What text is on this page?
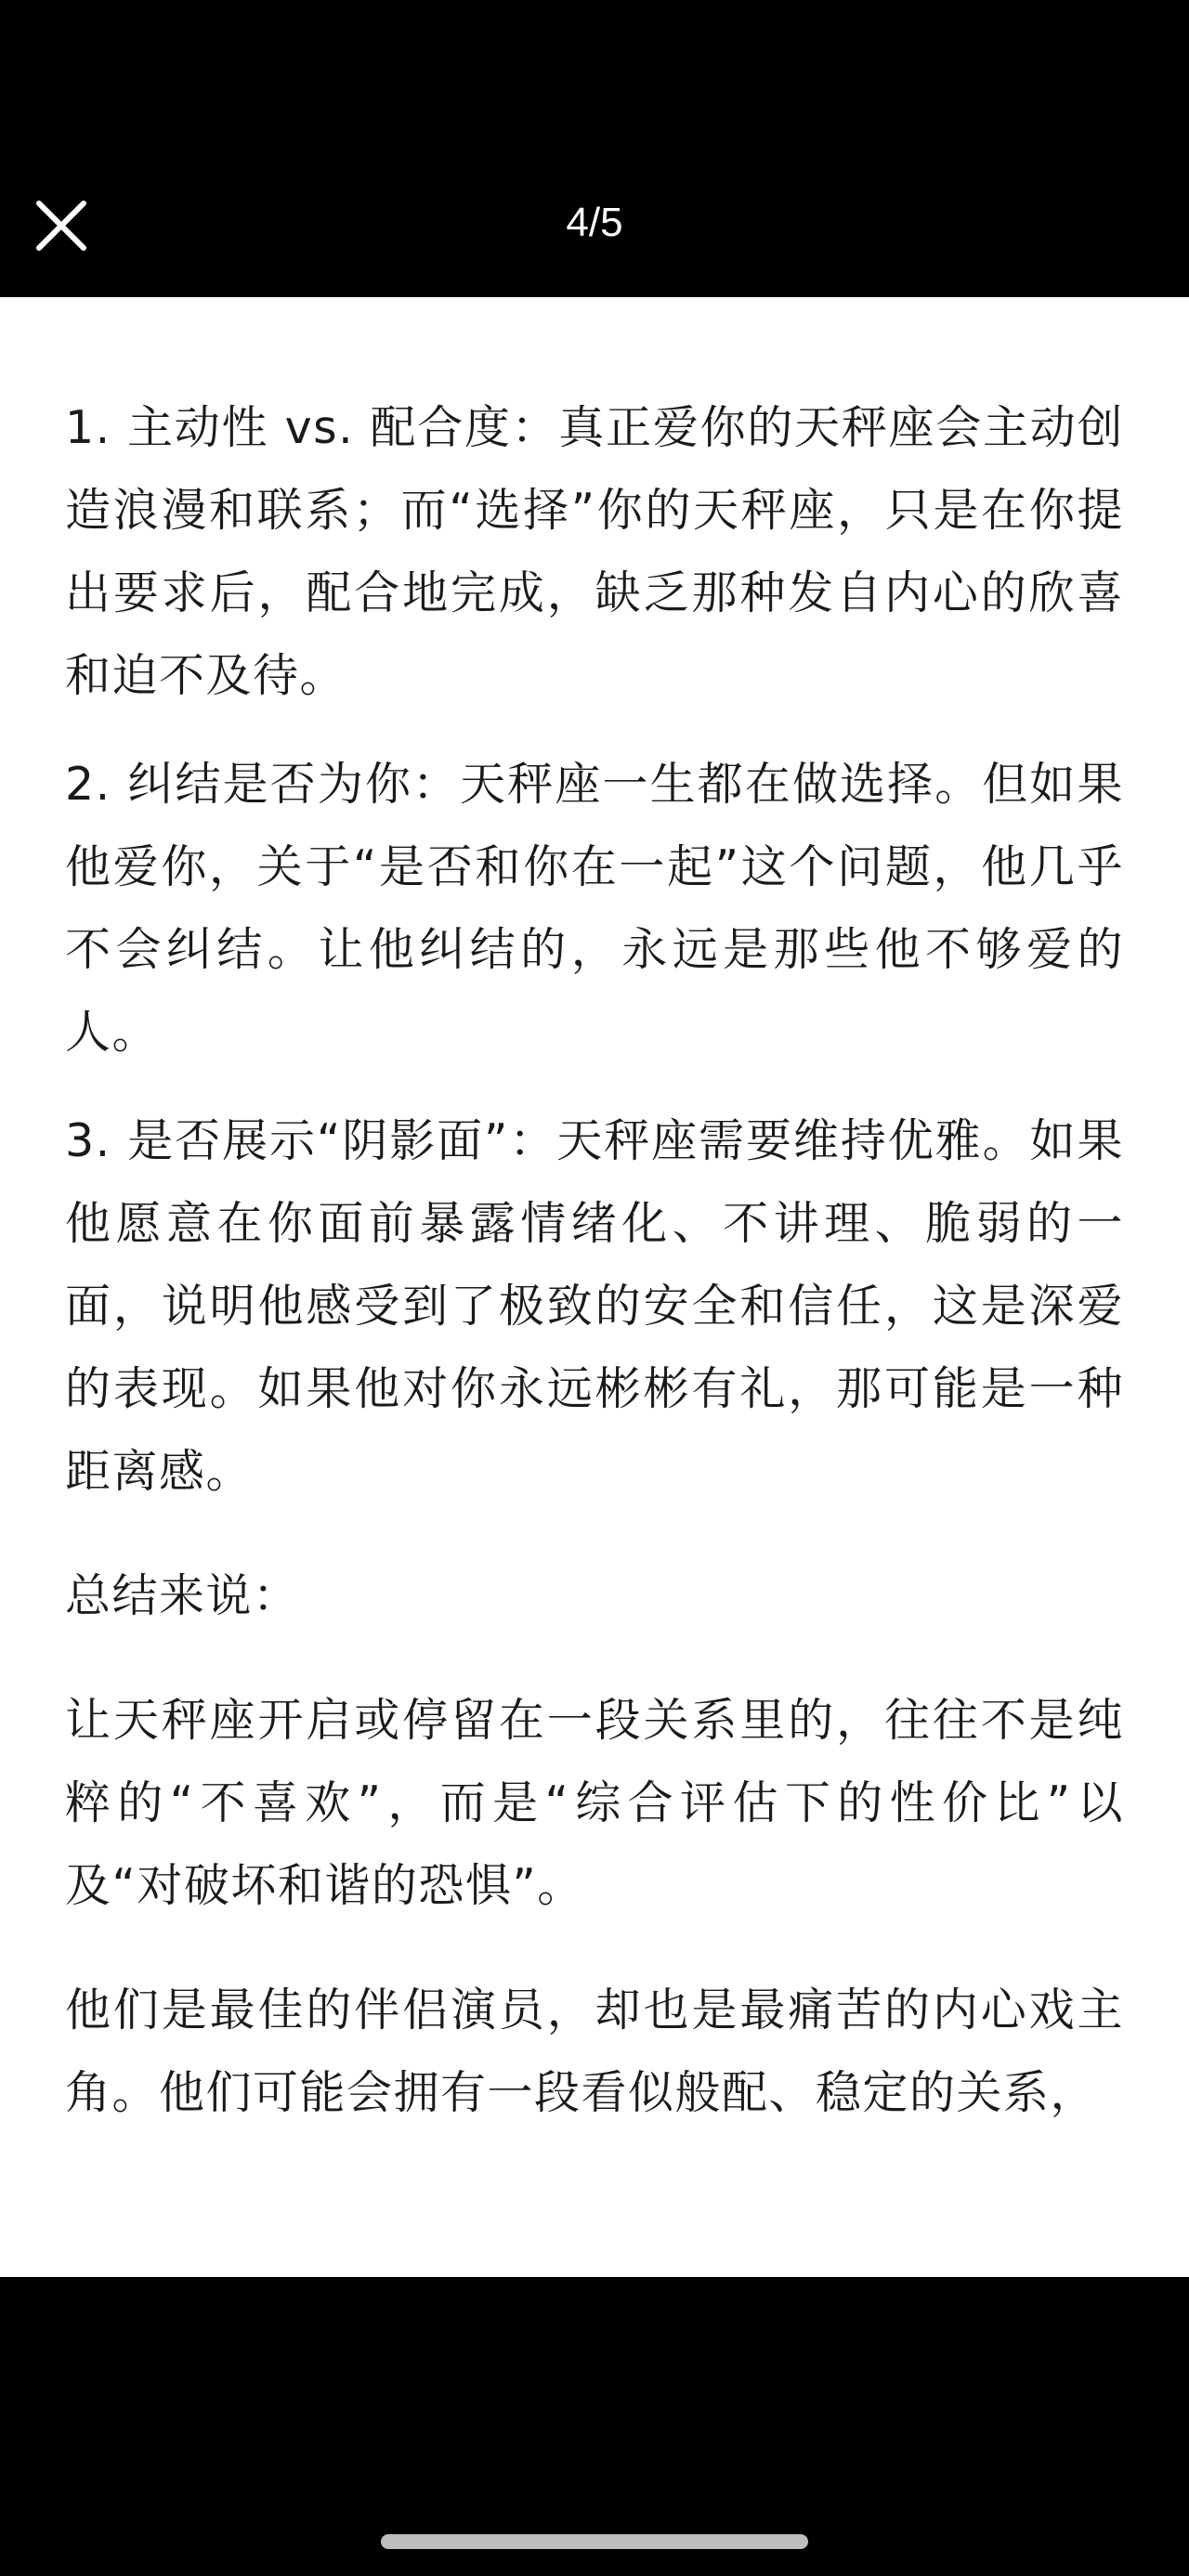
4/5

1. 主动性 vs. 配合度：真正爱你的天秤座会主动创造浪漫和联系；而“选择”你的天秤座，只是在你提出要求后，配合地完成，缺乏那种发自内心的欣喜和迫不及待。

2. 纠结是否为你：天秤座一生都在做选择。但如果他爱你，关于“是否和你在一起”这个问题，他几乎不会纠结。让他纠结的，永远是那些他不够爱的人。

3. 是否展示“阴影面”：天秤座需要维持优雅。如果他愿意在你面前暴露情绪化、不讲理、脆弱的一面，说明他感受到了极致的安全和信任，这是深爱的表现。如果他对你永远彬彬有礼，那可能是一种距离感。

总结来说：

让天秤座开启或停留在一段关系里的，往往不是纯粹的“不喜欢”，而是“综合评估下的性价比”以及“对破坏和谐的恐惧”。

他们是最佳的伴侣演员，却也是最痛苦的内心戏主角。他们可能会拥有一段看似般配、稳定的关系，
